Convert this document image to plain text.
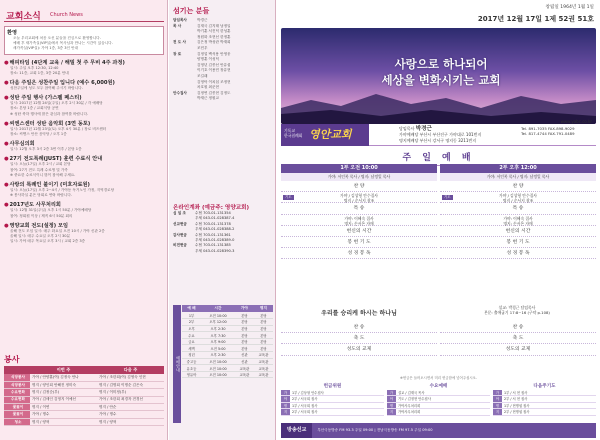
교회소식 Church News
환영
오늘 우리교회에 처음 오신 분들을 진심으로 환영합니다.
예배 후 새가족실(VIP실)에서 목사님과 만나는 시간이 있습니다.
새가족실(VIP실): 가야 1층, 3층 3인 안내
●해피타임 (4단계 교육 / 해밀 첫 주 무비 4주 과정)
일시: 주일 오후 12:30, 12:40
장소: 11층, 교회 1층, 3층 20분 안내
●다음 주일은 성찬주일 입니다 (예수 6,000원)
성찬주일에 성도 모두 참여해 주시기 바랍니다.
●성탄 주일 행사 (가스펠 페스티)
일시: 2017년 12월 24일(주일) 오후 2시 30분 / 각 예배당
장소: 본당 1층 / 교회식당 공연
※ 성탄 축하 행사에 많은 관심과 참여를 바랍니다.
●씨엔스센터 성탄 음악회 (3연 동포)
일시: 2017년 12월 23일(토) 오후 4시 30분 / 장로 비즈센터
장소: 씨엔스 안산 음악당 / 오후 1층
●사무심의회
일시: 12월 오후 3시 2층 3연 이후 / 본당 1층
●27기 전도특례(JUST) 훈련 수료식 안내
일시: 오늘(17일) 오후 2시 / 교회 본당
참여: 27기 전도 특례 수료생 및 가족
※ 중요한 수료식이니 많이 참석해 주세요.
●사랑의 특례인 불이기 (미호자료원)
일시: 오늘(17일) 오후 2~4시 / 가야동 독거노인 가정, 지역경로당
※ 봉사하실 분은 당회로 연락 바랍니다.
●2017년도 사무처리회
일시: 12월 31일(주일) 오후 1시 50분 / 가야예배당
참여: 정회원 이상 / 제직 6시 50분 회의
●영양교회 전도(설정) 모임
올해 전도 모임 일시: 매주 화요일 오전 10시 / 가야 신관 2층
올해 일시: 매주 수요일 오후 2시 30분
일시: 가야 매주 목요일 오후 3시 / 교회 2층 3층
봉사
	이번 주	다음 주
식당봉사	가야 / 안양훈(여) 김정숙 안나	가야 / 조한희(여) 김영숙 인현
식당봉사	명지 / 양인희 안해진 정미숙	명지 / 김명희 이명순 김은숙
수요헌화	명지 / 김정순(부)	명지 / 이미정(부)
수요헌화	가야 / 김세인 김영지 이예선	가야 / 조한희 최경자 전경선
꽃꽂이	명지 / 이연	명지 / 안순
꽃꽂이	가야 / 명수	가야 / 명수
청소	명지 / 양혁	명지 / 양혁
섬기는 분들
담임목사	박경근
목 사	김재국 김지태 남정일
박기훈 서진덕 한성훈
정원화 조현선 한정훈
전 도 사	김은정 박성란 박재희
조민우
장 로	김정업 백석용 안영웅
양명훈 이성덕
김영년 김종선 안유섭
이기호 이용민 장유현
조길래
김영탁 이치섭 조정현
차호원 최준현
안수집사	김정연 김종현 김정도
박재근 정원교
온라인계좌 (예금주: 영양교회)
십 일 조	수협 703-01-131354
우체 043-01-028387-4
선교헌금	수협 703-01-131378
우체 043-01-028388-2
감사헌금	수협 703-01-131361
우체 043-01-028389-0
비전헌금	수협 703-01-131385
우체 043-01-028390-3
예 배	시간	가야	명지
1부	오전 10:00	본당	본당
2부	오후 12:00	본당	본당
오후	오후 2:30	본당	본당
수요	오후 7:30	본당	본당
금요	오후 9:00	본당	본당
새벽	오전 5:00	본당	본당
청년	오후 2:30	신관	교육관
중고등	오전 10:00	신관	교육관
유초등	오전 10:00	교육관	교육관
영유아	오전 10:00	교육관	교육관
예배안내
창립일 1964년 1월 1일
2017년 12월 17일 1제 52권 51호
사랑으로 하나되어
세상을 변화시키는 교회
www.yabc.co.kr
기독교
한국침례회 영안교회	담임목사 박경근
가야예배당 부산시 부산진구 가야대로 101번지
명지예배당 부산시 강서구 명지동 3211번지
Tel. 891-7035 FAX.898-9029
Tel. 817-4744 FAX.791-0489
주 일 예 배
1부 오전 10:00
가야: 서인복 목사 / 명지: 남정일 목사
찬 양
기도	가야 / 김상형 안수집사
명지 / 순서지 참조
특 송
가야: 이혜숙 집사
명지: 손서은 자매
헌신의 시간
봉 헌 기 도
성 경 봉 독
2부 오후 12:00
가야: 서인복 목사 / 명지: 남정일 목사
찬 양
기도	가야 / 김상형 안수집사
명지 / 순서지 참조
특 송
가야: 이혜숙 집사
명지: 손서은 자매
헌신의 시간
봉 헌 기 도
성 경 봉 독
우리를 승리케 하시는 하나님
설교: 박경근 담임목사
본문: 출애굽기 17:8~16 (구약 p.108)
찬 송
축 도
성도의 교제
찬 송
축 도
성도의 교제
※헌금은 들어오시면서 미리 헌금함에 넣어주십시오.
헌금위원
가	1부 / 김상형 안수집사
야	2부 / 서국희 집사
명	1부 / 서국희 집사
지	2부 / 서국희 집사
수요예배
가	설교 / 김재국 목사
야	기도 / 김정현 안수집사
명	가야사무처리회
지	가야사무처리회
다음주기도
가	1부 / 서 현 집사
야	2부 / 서 현 집사
명	1부 / 현명섭 집사
지	2부 / 현명섭 집사
방송선교	부산극동방송 FM 93.3 주일 09:00 | 전남극동방송 FM 97.5 주일 09:00
